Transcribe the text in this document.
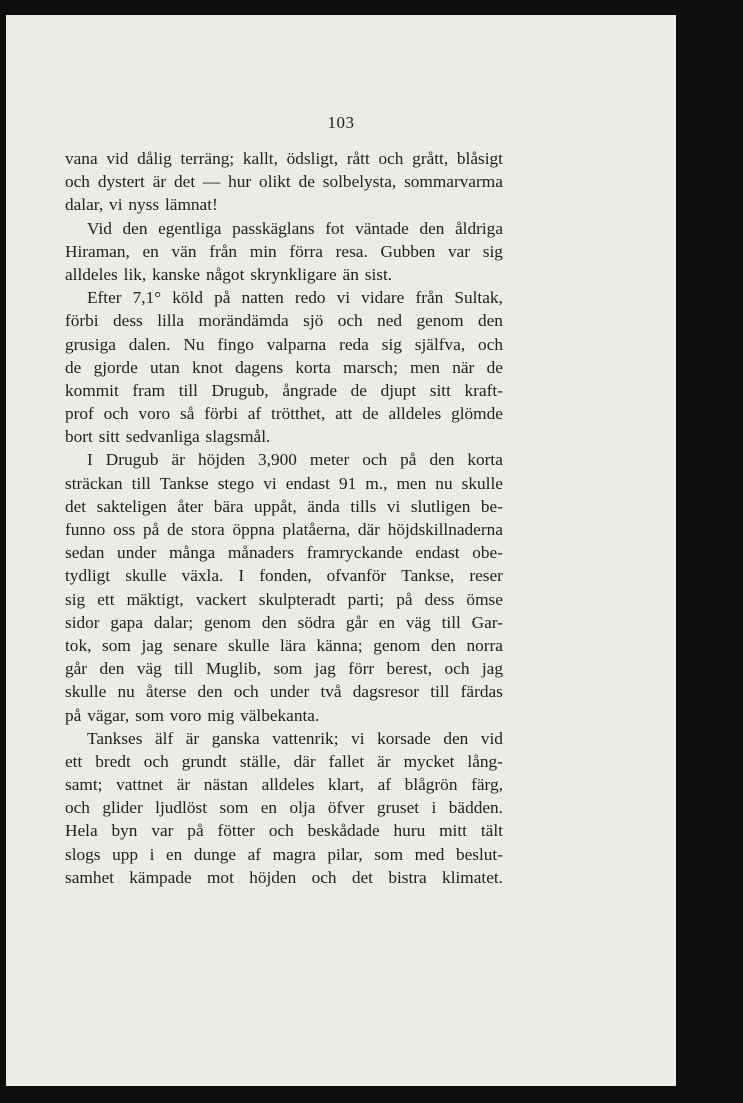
103
vana vid dålig terräng; kallt, ödsligt, rått och grått, blåsigt
och dystert är det — hur olikt de solbelysta, sommarvarma
dalar, vi nyss lämnat!
Vid den egentliga passkäglans fot väntade den åldriga
Hiraman, en vän från min förra resa. Gubben var sig
alldeles lik, kanske något skrynkligare än sist.
Efter 7,1° köld på natten redo vi vidare från Sultak,
förbi dess lilla morändämda sjö och ned genom den
grusiga dalen. Nu fingo valparna reda sig själfva, och
de gjorde utan knot dagens korta marsch; men när de
kommit fram till Drugub, ångrade de djupt sitt kraft-
prof och voro så förbi af trötthet, att de alldeles glömde
bort sitt sedvanliga slagsmål.
I Drugub är höjden 3,900 meter och på den korta
sträckan till Tankse stego vi endast 91 m., men nu skulle
det sakteligen åter bära uppåt, ända tills vi slutligen be-
funno oss på de stora öppna platåerna, där höjdskillnaderna
sedan under många månaders framryckande endast obe-
tydligt skulle växla. I fonden, ofvanför Tankse, reser
sig ett mäktigt, vackert skulpteradt parti; på dess ömse
sidor gapa dalar; genom den södra går en väg till Gar-
tok, som jag senare skulle lära känna; genom den norra
går den väg till Muglib, som jag förr berest, och jag
skulle nu återse den och under två dagsresor till färdas
på vägar, som voro mig välbekanta.
Tankses älf är ganska vattenrik; vi korsade den vid
ett bredt och grundt ställe, där fallet är mycket lång-
samt; vattnet är nästan alldeles klart, af blågrön färg,
och glider ljudlöst som en olja öfver gruset i bädden.
Hela byn var på fötter och beskådade huru mitt tält
slogs upp i en dunge af magra pilar, som med beslut-
samhet kämpade mot höjden och det bistra klimatet.
